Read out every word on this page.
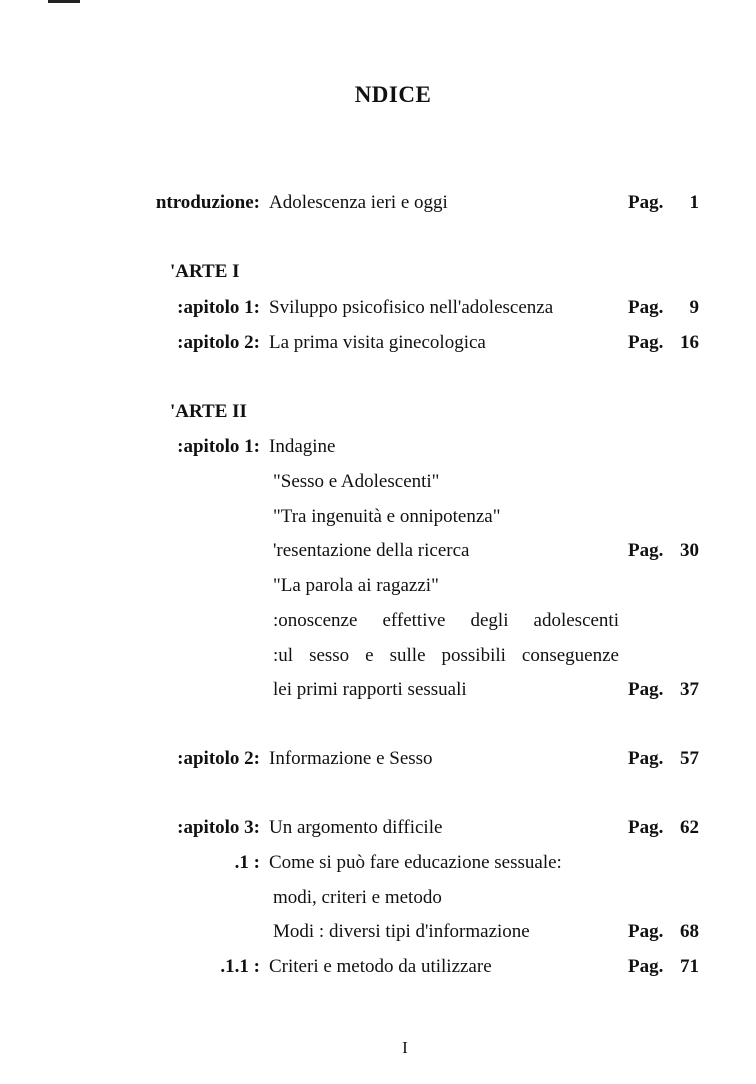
NDICE
ntroduzione: Adolescenza ieri e oggi	Pag. 1
'ARTE I
:apitolo 1: Sviluppo psicofisico nell'adolescenza	Pag. 9
:apitolo 2: La prima visita ginecologica	Pag. 16
'ARTE II
:apitolo 1: Indagine
"Sesso e Adolescenti"
"Tra ingenuità e onnipotenza"
'resentazione della ricerca	Pag. 30
"La parola ai ragazzi"
:onoscenze effettive degli adolescenti
:ul sesso e sulle possibili conseguenze
lei primi rapporti sessuali	Pag. 37
:apitolo 2: Informazione e Sesso	Pag. 57
:apitolo 3: Un argomento difficile	Pag. 62
.1 : Come si può fare educazione sessuale:
modi, criteri e metodo
Modi : diversi tipi d'informazione	Pag. 68
.1.1 : Criteri e metodo da utilizzare	Pag. 71
I
